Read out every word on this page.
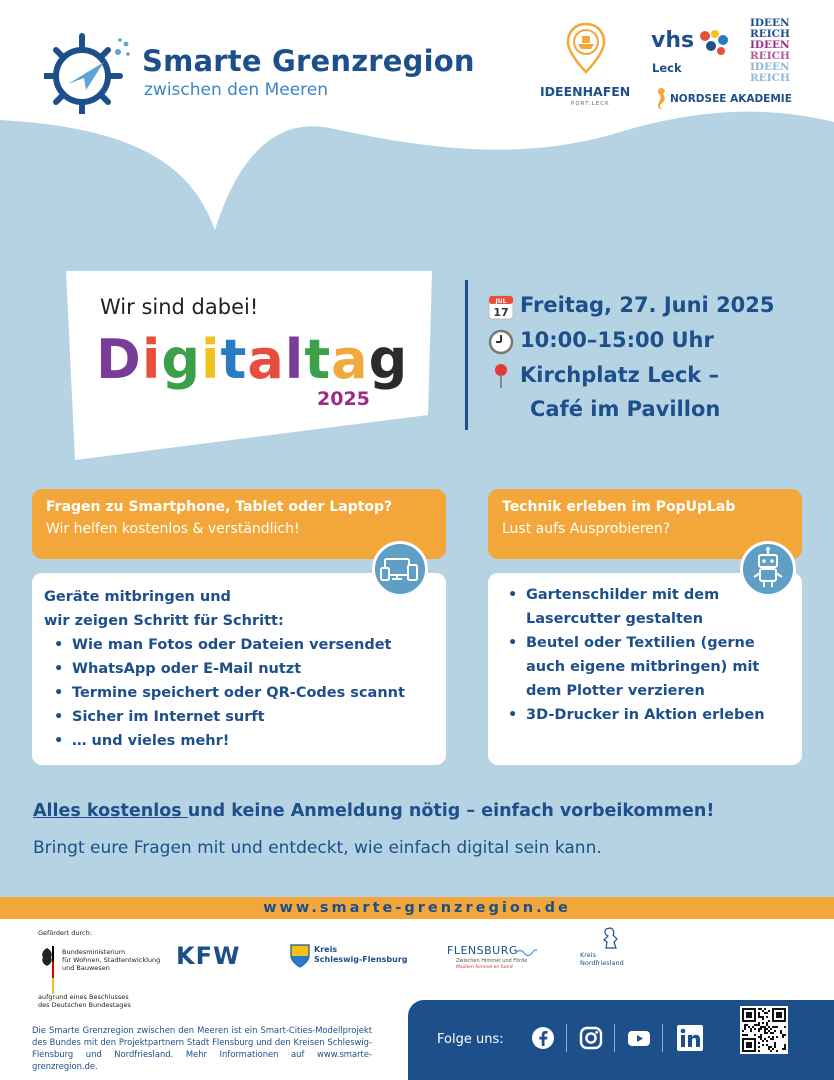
Smarte Grenzregion
zwischen den Meeren	IDEENHAFEN
PORT:LECK
vhs
Leck
IDEEN
REICH
IDEEN
REICH
IDEEN
REICH
NORDSEE AKADEMIE
Wir sind dabei!
Digitaltag
2025
JUL
17 Freitag, 27. Juni 2025
10:00–15:00 Uhr
Kirchplatz Leck –
Café im Pavillon
Fragen zu Smartphone, Tablet oder Laptop?
Wir helfen kostenlos & verständlich!
Geräte mitbringen und
wir zeigen Schritt für Schritt:
• Wie man Fotos oder Dateien versendet
• WhatsApp oder E-Mail nutzt
• Termine speichert oder QR-Codes scannt
• Sicher im Internet surft
• … und vieles mehr!
Technik erleben im PopUpLab
Lust aufs Ausprobieren?
• Gartenschilder mit dem Lasercutter gestalten
• Beutel oder Textilien (gerne auch eigene mitbringen) mit dem Plotter verzieren
• 3D-Drucker in Aktion erleben
Alles kostenlos und keine Anmeldung nötig – einfach vorbeikommen!
Bringt eure Fragen mit und entdeckt, wie einfach digital sein kann.
www.smarte-grenzregion.de
Gefördert durch:
Bundesministerium
für Wohnen, Stadtentwicklung
und Bauwesen
aufgrund eines Beschlusses
des Deutschen Bundestages
KFW	Kreis
Schleswig-Flensburg
FLENSBURG
Zwischen Himmel und Förde
Madiem himmel en fuord
Kreis
Nordfriesland
Die Smarte Grenzregion zwischen den Meeren ist ein Smart-Cities-Modellprojekt des Bundes mit den Projektpartnern Stadt Flensburg und den Kreisen Schleswig-Flensburg und Nordfriesland. Mehr Informationen auf www.smarte-grenzregion.de.
Folge uns:
